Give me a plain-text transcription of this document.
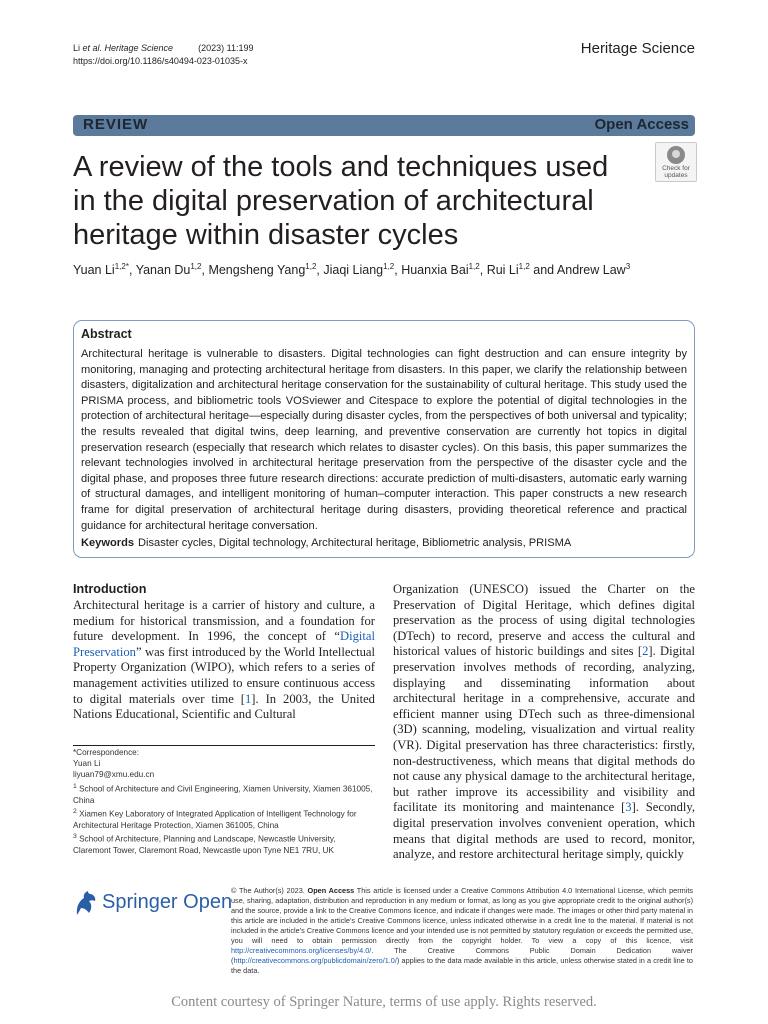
Li et al. Heritage Science	(2023) 11:199
https://doi.org/10.1186/s40494-023-01035-x
Heritage Science
REVIEW	Open Access
A review of the tools and techniques used in the digital preservation of architectural heritage within disaster cycles
Check for
updates
Yuan $Li^{1,2*}$, Yanan Du$^{1,2}$, Mengsheng Yang$^{1,2}$, Jiaqi Liang$^{1,2}$, Huanxia Bai$^{1,2}$, Rui Li$^{1,2}$ and Andrew Law$^3$
Abstract
Architectural heritage is vulnerable to disasters. Digital technologies can fight destruction and can ensure integrity by monitoring, managing and protecting architectural heritage from disasters. In this paper, we clarify the relationship between disasters, digitalization and architectural heritage conservation for the sustainability of cultural heritage. This study used the PRISMA process, and bibliometric tools VOSviewer and Citespace to explore the potential of digital technologies in the protection of architectural heritage—especially during disaster cycles, from the perspectives of both universal and typicality; the results revealed that digital twins, deep learning, and preventive conservation are currently hot topics in digital preservation research (especially that research which relates to disaster cycles). On this basis, this paper summarizes the relevant technologies involved in architectural heritage preservation from the perspective of the disaster cycle and the digital phase, and proposes three future research directions: accurate prediction of multi-disasters, automatic early warning of structural damages, and intelligent monitoring of human–computer interaction. This paper constructs a new research frame for digital preservation of architectural heritage during disasters, providing theoretical reference and practical guidance for architectural heritage conversation.
Keywords Disaster cycles, Digital technology, Architectural heritage, Bibliometric analysis, PRISMA
Introduction
Architectural heritage is a carrier of history and culture, a medium for historical transmission, and a foundation for future development. In 1996, the concept of “Digital Preservation” was first introduced by the World Intellectual Property Organization (WIPO), which refers to a series of management activities utilized to ensure continuous access to digital materials over time [1]. In 2003, the United Nations Educational, Scientific and Cultural
Organization (UNESCO) issued the Charter on the Preservation of Digital Heritage, which defines digital preservation as the process of using digital technologies (DTech) to record, preserve and access the cultural and historical values of historic buildings and sites [2]. Digital preservation involves methods of recording, analyzing, displaying and disseminating information about architectural heritage in a comprehensive, accurate and efficient manner using DTech such as three-dimensional (3D) scanning, modeling, visualization and virtual reality (VR). Digital preservation has three characteristics: firstly, non-destructiveness, which means that digital methods do not cause any physical damage to the architectural heritage, but rather improve its accessibility and visibility and facilitate its monitoring and maintenance [3]. Secondly, digital preservation involves convenient operation, which means that digital methods are used to record, monitor, analyze, and restore architectural heritage simply, quickly
*Correspondence:
Yuan Li
liyuan79@xmu.edu.cn
$^1$ School of Architecture and Civil Engineering, Xiamen University, Xiamen 361005, China
$^2$ Xiamen Key Laboratory of Integrated Application of Intelligent Technology for Architectural Heritage Protection, Xiamen 361005, China
$^3$ School of Architecture, Planning and Landscape, Newcastle University, Claremont Tower, Claremont Road, Newcastle upon Tyne NE1 7RU, UK
Springer Open
© The Author(s) 2023. Open Access This article is licensed under a Creative Commons Attribution 4.0 International License, which permits use, sharing, adaptation, distribution and reproduction in any medium or format, as long as you give appropriate credit to the original author(s) and the source, provide a link to the Creative Commons licence, and indicate if changes were made. The images or other third party material in this article are included in the article’s Creative Commons licence, unless indicated otherwise in a credit line to the material. If material is not included in the article’s Creative Commons licence and your intended use is not permitted by statutory regulation or exceeds the permitted use, you will need to obtain permission directly from the copyright holder. To view a copy of this licence, visit http://creativecommons.org/licenses/by/4.0/. The Creative Commons Public Domain Dedication waiver (http://creativecommons.org/publicdomain/zero/1.0/) applies to the data made available in this article, unless otherwise stated in a credit line to the data.
Content courtesy of Springer Nature, terms of use apply. Rights reserved.
